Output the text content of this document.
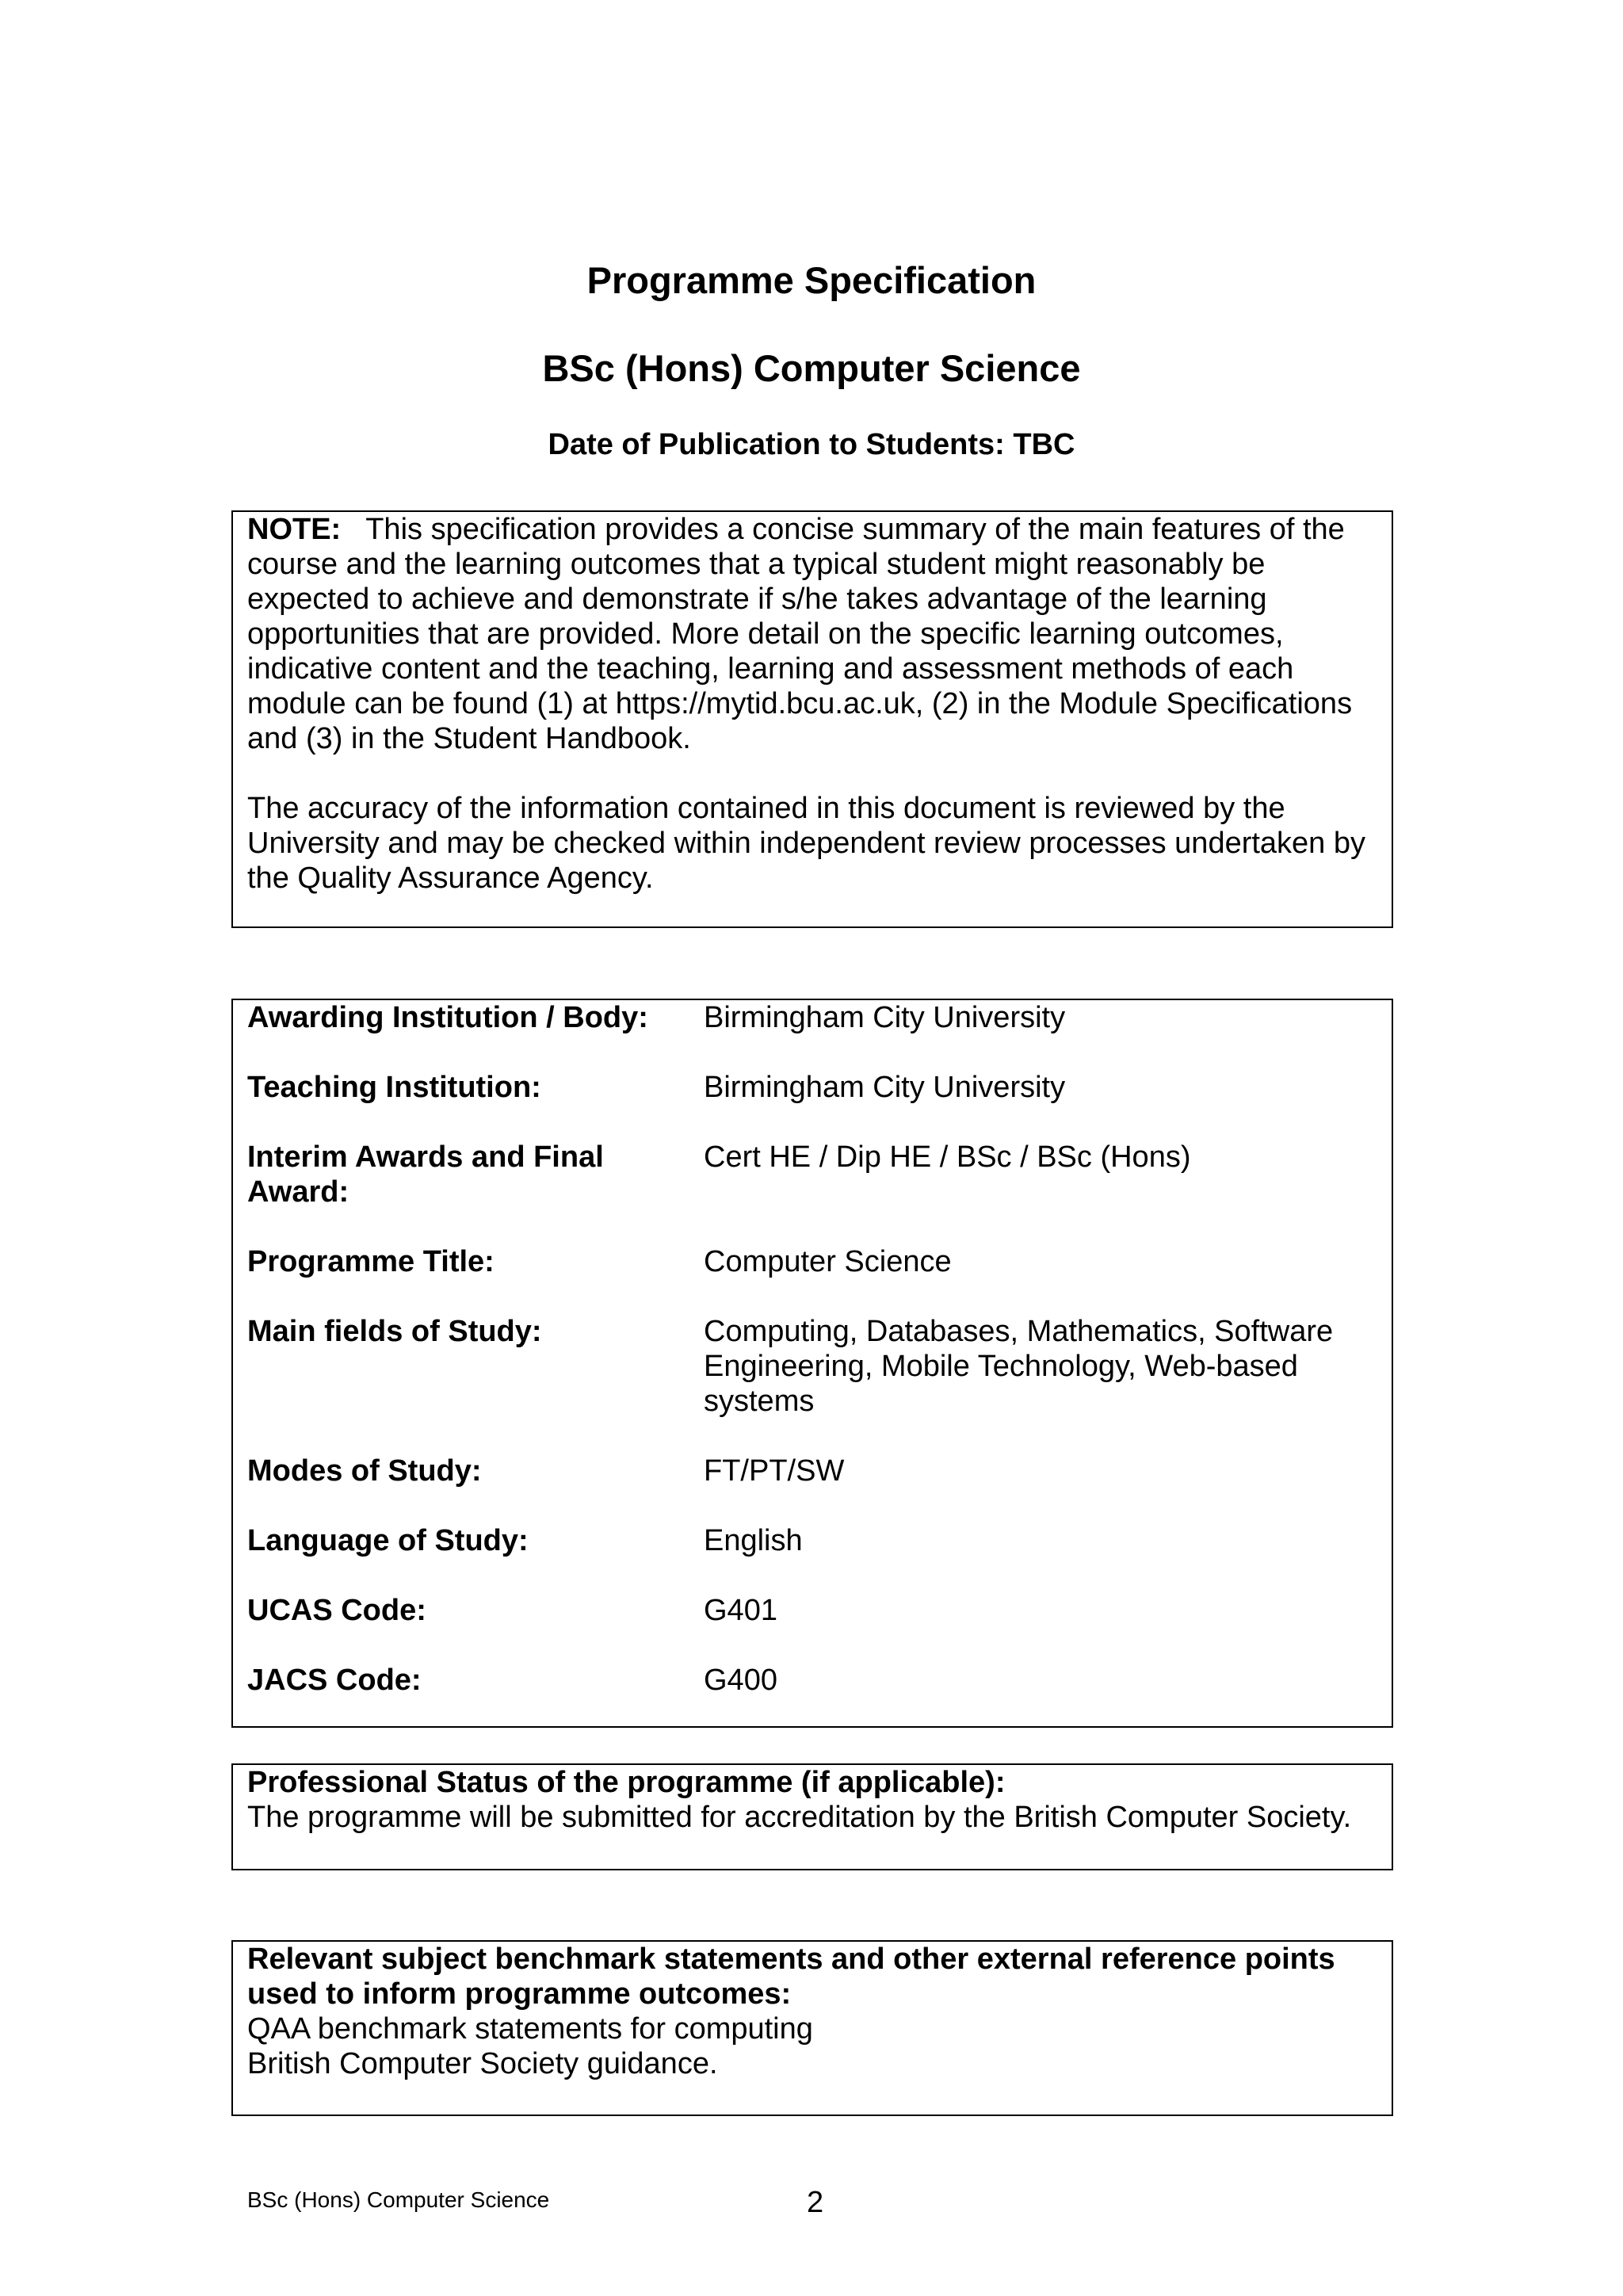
Programme Specification
BSc (Hons) Computer Science
Date of Publication to Students: TBC

NOTE: This specification provides a concise summary of the main features of the
course and the learning outcomes that a typical student might reasonably be
expected to achieve and demonstrate if s/he takes advantage of the learning
opportunities that are provided. More detail on the specific learning outcomes,
indicative content and the teaching, learning and assessment methods of each
module can be found (1) at https://mytid.bcu.ac.uk, (2) in the Module Specifications
and (3) in the Student Handbook.

The accuracy of the information contained in this document is reviewed by the
University and may be checked within independent review processes undertaken by
the Quality Assurance Agency.

Awarding Institution / Body:	Birmingham City University
Teaching Institution:	Birmingham City University
Interim Awards and Final
Award:
Cert HE / Dip HE / BSc / BSc (Hons)
Programme Title:	Computer Science
Main fields of Study:	Computing, Databases, Mathematics, Software
Engineering, Mobile Technology, Web-based
systems
Modes of Study:	FT/PT/SW
Language of Study:	English
UCAS Code:	G401
JACS Code:	G400

Professional Status of the programme (if applicable):

The programme will be submitted for accreditation by the British Computer Society.

Relevant subject benchmark statements and other external reference points
used to inform programme outcomes:

QAA benchmark statements for computing
British Computer Society guidance.

BSc (Hons) Computer Science	2
